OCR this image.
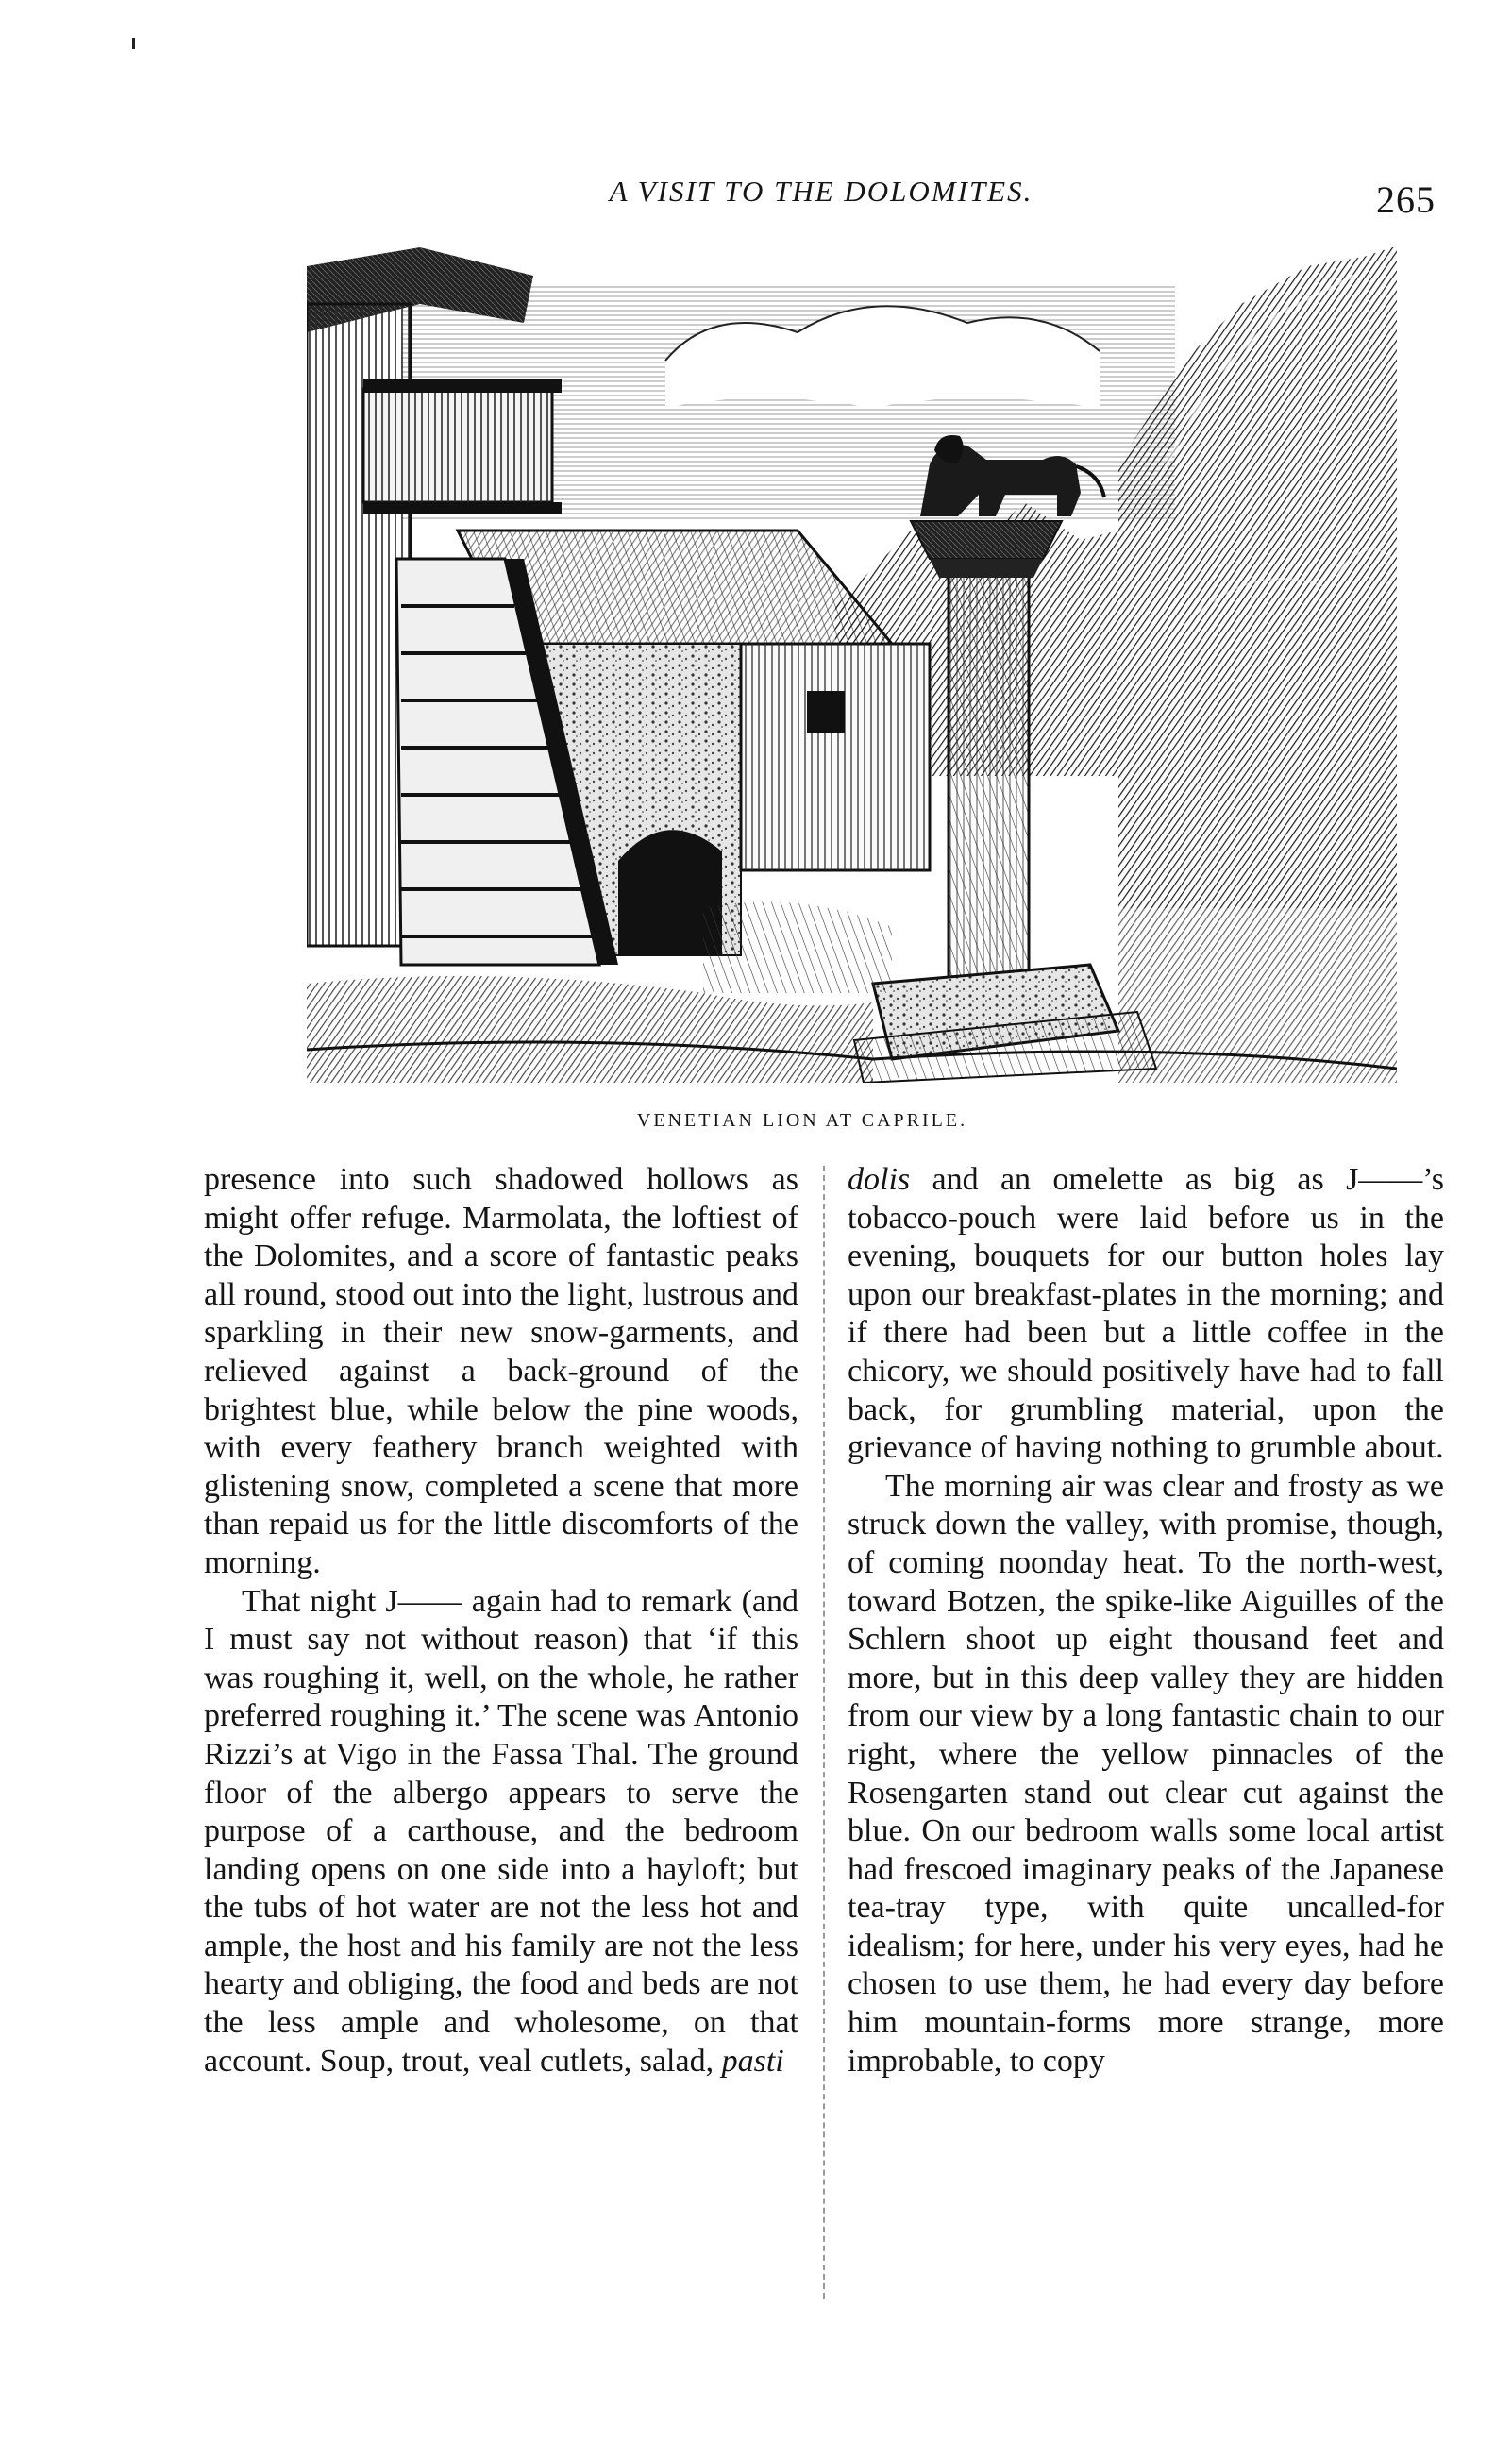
A VISIT TO THE DOLOMITES.	265
VENETIAN LION AT CAPRILE.

presence into such shadowed hollows as might offer refuge. Marmolata, the loftiest of the Dolomites, and a score of fantastic peaks all round, stood out into the light, lustrous and sparkling in their new snow-garments, and relieved against a back-ground of the brightest blue, while below the pine woods, with every feathery branch weighted with glistening snow, completed a scene that more than repaid us for the little discomforts of the morning.

That night J—— again had to remark (and I must say not without reason) that ‘if this was roughing it, well, on the whole, he rather preferred roughing it.’ The scene was Antonio Rizzi’s at Vigo in the Fassa Thal. The ground floor of the albergo appears to serve the purpose of a carthouse, and the bedroom landing opens on one side into a hayloft; but the tubs of hot water are not the less hot and ample, the host and his family are not the less hearty and obliging, the food and beds are not the less ample and wholesome, on that account. Soup, trout, veal cutlets, salad, pasti

dolis and an omelette as big as J——’s tobacco-pouch were laid before us in the evening, bouquets for our button holes lay upon our breakfast-plates in the morning; and if there had been but a little coffee in the chicory, we should positively have had to fall back, for grumbling material, upon the grievance of having nothing to grumble about.

The morning air was clear and frosty as we struck down the valley, with promise, though, of coming noonday heat. To the north-west, toward Botzen, the spike-like Aiguilles of the Schlern shoot up eight thousand feet and more, but in this deep valley they are hidden from our view by a long fantastic chain to our right, where the yellow pinnacles of the Rosengarten stand out clear cut against the blue. On our bedroom walls some local artist had frescoed imaginary peaks of the Japanese tea-tray type, with quite uncalled-for idealism; for here, under his very eyes, had he chosen to use them, he had every day before him mountain-forms more strange, more improbable, to copy
